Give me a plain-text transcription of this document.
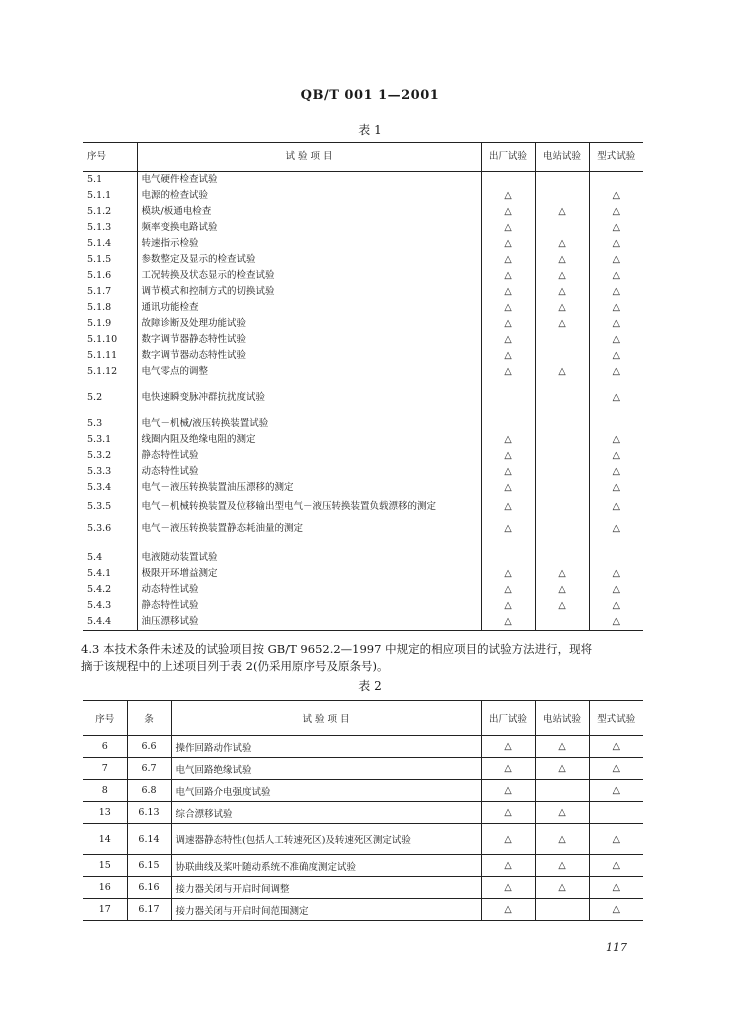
QB/T 001 1—2001
表 1
序号	试 验 项 目	出厂试验	电站试验	型式试验
5.1	电气硬件检查试验			
5.1.1	电源的检查试验	△		△
5.1.2	模块/板通电检查	△	△	△
5.1.3	频率变换电路试验	△		△
5.1.4	转速指示检验	△	△	△
5.1.5	参数整定及显示的检查试验	△	△	△
5.1.6	工况转换及状态显示的检查试验	△	△	△
5.1.7	调节模式和控制方式的切换试验	△	△	△
5.1.8	通讯功能检查	△	△	△
5.1.9	故障诊断及处理功能试验	△	△	△
5.1.10	数字调节器静态特性试验	△		△
5.1.11	数字调节器动态特性试验	△		△
5.1.12	电气零点的调整	△	△	△

5.2	电快速瞬变脉冲群抗扰度试验			△

5.3	电气－机械/液压转换装置试验			
5.3.1	线圈内阻及绝缘电阻的测定	△		△
5.3.2	静态特性试验	△		△
5.3.3	动态特性试验	△		△
5.3.4	电气－液压转换装置油压漂移的测定	△		△
5.3.5	电气－机械转换装置及位移输出型电气－液压转换装置负载漂移的测定	△		△
5.3.6	电气－液压转换装置静态耗油量的测定	△		△

5.4	电液随动装置试验			
5.4.1	极限开环增益测定	△	△	△
5.4.2	动态特性试验	△	△	△
5.4.3	静态特性试验	△	△	△
5.4.4	油压漂移试验	△		△
4.3 本技术条件未述及的试验项目按 GB/T 9652.2—1997 中规定的相应项目的试验方法进行，现将
摘于该规程中的上述项目列于表 2(仍采用原序号及原条号)。
表 2
序号	条	试 验 项 目	出厂试验	电站试验	型式试验
6	6.6	操作回路动作试验	△	△	△
7	6.7	电气回路绝缘试验	△	△	△
8	6.8	电气回路介电强度试验	△		△
13	6.13	综合漂移试验	△	△	
14	6.14	调速器静态特性(包括人工转速死区)及转速死区测定试验	△	△	△
15	6.15	协联曲线及桨叶随动系统不准确度测定试验	△	△	△
16	6.16	接力器关闭与开启时间调整	△	△	△
17	6.17	接力器关闭与开启时间范围测定	△		△
117
